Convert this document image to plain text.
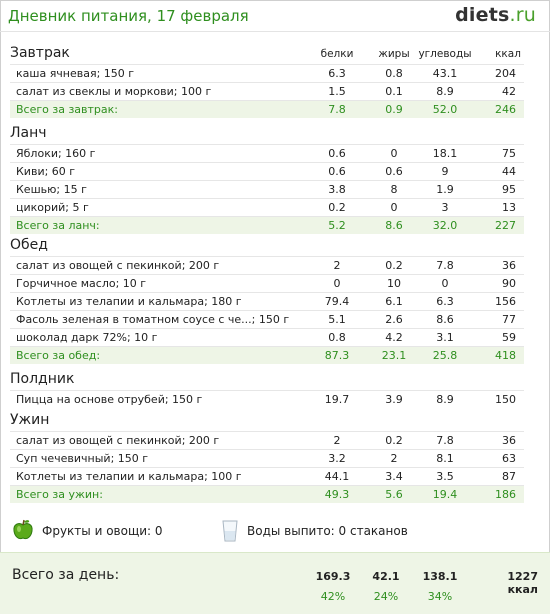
Дневник питания, 17 февраля	diets.ru
белки	жиры углеводы	ккал
Завтрак
каша ячневая; 150 г	6.3	0.8	43.1	204
салат из свеклы и моркови; 100 г	1.5	0.1	8.9	42
Всего за завтрак:	7.8	0.9	52.0	246
Ланч
Яблоки; 160 г	0.6	0	18.1	75
Киви; 60 г	0.6	0.6	9	44
Кешью; 15 г	3.8	8	1.9	95
цикорий; 5 г	0.2	0	3	13
Всего за ланч:	5.2	8.6	32.0	227
Обед
салат из овощей с пекинкой; 200 г	2	0.2	7.8	36
Горчичное масло; 10 г	0	10	0	90
Котлеты из телапии и кальмара; 180 г	79.4	6.1	6.3	156
Фасоль зеленая в томатном соусе с че...; 150 г	5.1	2.6	8.6	77
шоколад дарк 72%; 10 г	0.8	4.2	3.1	59
Всего за обед:	87.3	23.1	25.8	418
Полдник
Пицца на основе отрубей; 150 г	19.7	3.9	8.9	150
Ужин
салат из овощей с пекинкой; 200 г	2	0.2	7.8	36
Суп чечевичный; 150 г	3.2	2	8.1	63
Котлеты из телапии и кальмара; 100 г	44.1	3.4	3.5	87
Всего за ужин:	49.3	5.6	19.4	186
Фрукты и овощи: 0	Воды выпито: 0 стаканов
Всего за день:	169.3	42.1	138.1	1227 ккал
42%	24%	34%
